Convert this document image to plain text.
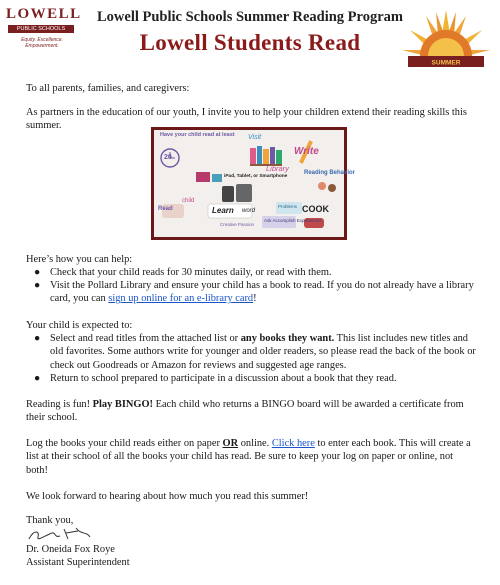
LOWELL
PUBLIC SCHOOLS
Equity. Excellence. Empowerment.
Lowell Public Schools Summer Reading Program
Lowell Students Read
SUMMER

To all parents, families, and caregivers:

As partners in the education of our youth, I invite you to help your children extend their reading skills this summer.

Have your child read at least
20
Visit
Library
Write
Reading Behavior
iPad, Tablet, or Smartphone
Read
child
Learn word	COOK
Ask Accomplish Experiences
Problems
Creative Passion

Here’s how you can help:

● Check that your child reads for 30 minutes daily, or read with them.
● Visit the Pollard Library and ensure your child has a book to read. If you do not already have a library card, you can sign up online for an e-library card!

Your child is expected to:

● Select and read titles from the attached list or any books they want. This list includes new titles and old favorites. Some authors write for younger and older readers, so please read the back of the book or check out Goodreads or Amazon for reviews and suggested age ranges.
● Return to school prepared to participate in a discussion about a book that they read.

Reading is fun! Play BINGO! Each child who returns a BINGO board will be awarded a certificate from their school.

Log the books your child reads either on paper OR online. Click here to enter each book. This will create a list at their school of all the books your child has read. Be sure to keep your log on paper or online, not both!

We look forward to hearing about how much you read this summer!

Thank you,

Dr. Oneida Fox Roye

Assistant Superintendent
